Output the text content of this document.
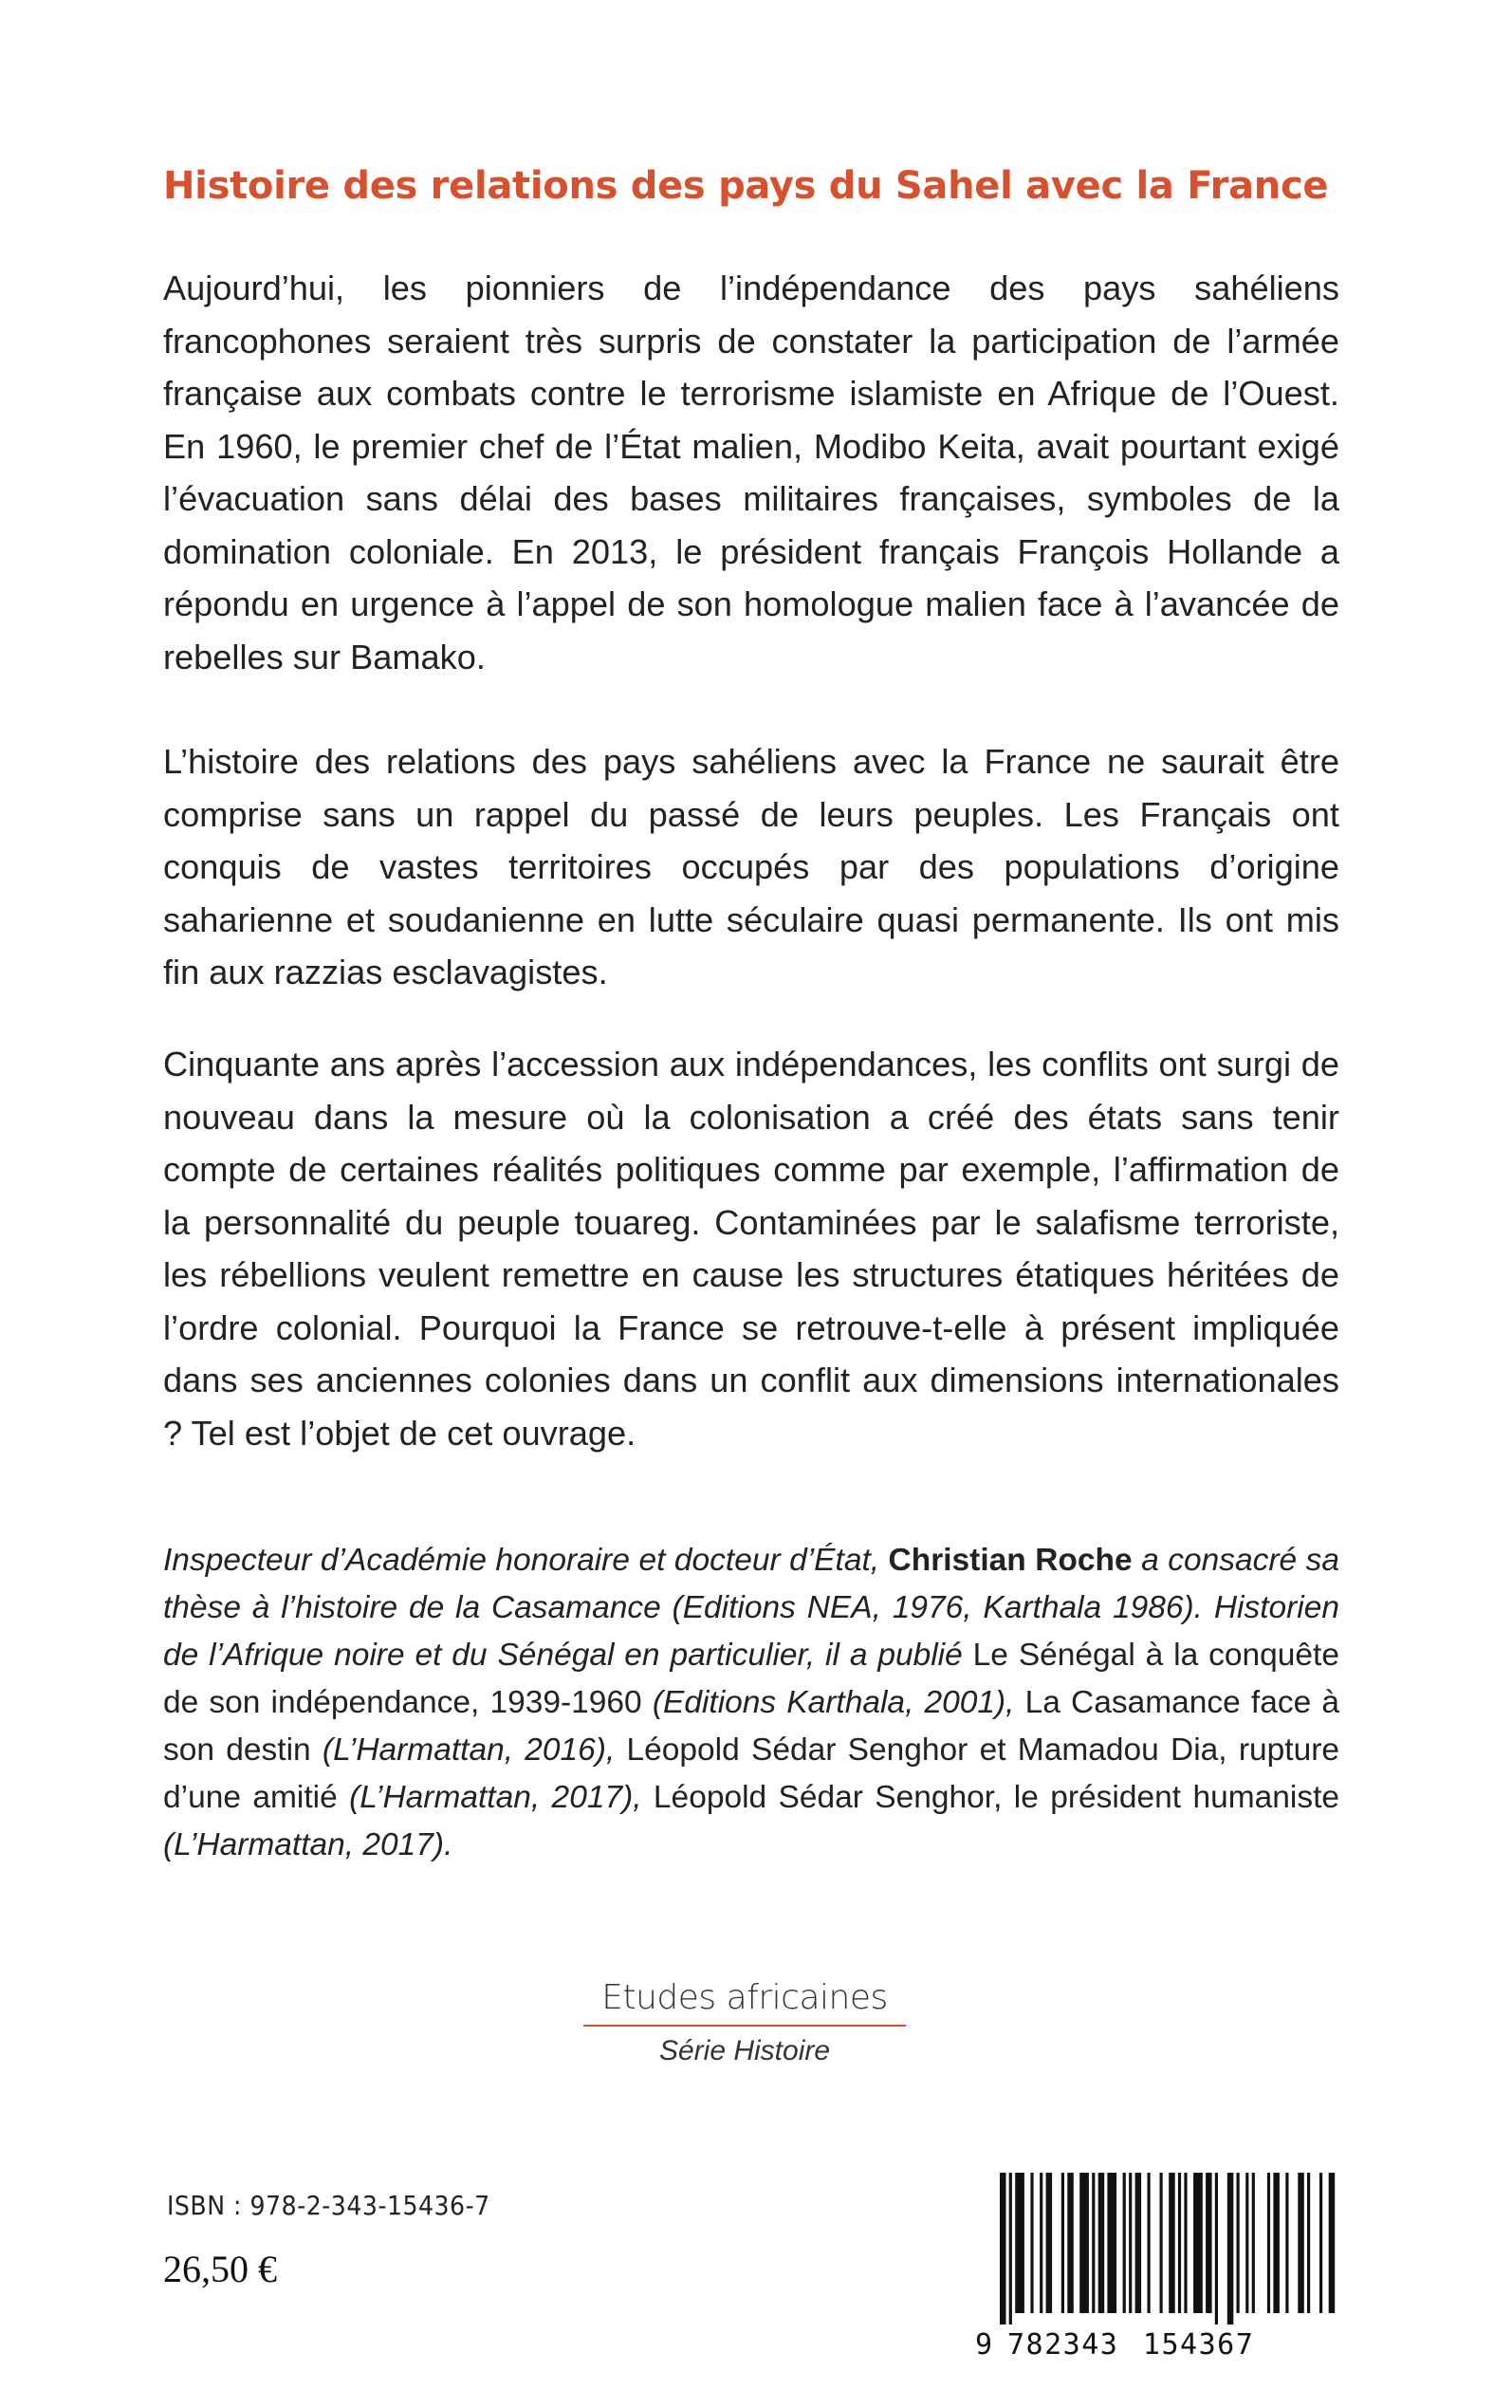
Histoire des relations des pays du Sahel avec la France

Aujourd’hui, les pionniers de l’indépendance des pays sahéliens francophones seraient très surpris de constater la participation de l’armée française aux combats contre le terrorisme islamiste en Afrique de l’Ouest. En 1960, le premier chef de l’État malien, Modibo Keita, avait pourtant exigé l’évacuation sans délai des bases militaires françaises, symboles de la domination coloniale. En 2013, le président français François Hollande a répondu en urgence à l’appel de son homologue malien face à l’avancée de rebelles sur Bamako.

L’histoire des relations des pays sahéliens avec la France ne saurait être comprise sans un rappel du passé de leurs peuples. Les Français ont conquis de vastes territoires occupés par des populations d’origine saharienne et soudanienne en lutte séculaire quasi permanente. Ils ont mis fin aux razzias esclavagistes.

Cinquante ans après l’accession aux indépendances, les conflits ont surgi de nouveau dans la mesure où la colonisation a créé des états sans tenir compte de certaines réalités politiques comme par exemple, l’affirmation de la personnalité du peuple touareg. Contaminées par le salafisme terroriste, les rébellions veulent remettre en cause les structures étatiques héritées de l’ordre colonial. Pourquoi la France se retrouve-t-elle à présent impliquée dans ses anciennes colonies dans un conflit aux dimensions internationales ? Tel est l’objet de cet ouvrage.

Inspecteur d’Académie honoraire et docteur d’État, Christian Roche a consacré sa thèse à l’histoire de la Casamance (Editions NEA, 1976, Karthala 1986). Historien de l’Afrique noire et du Sénégal en particulier, il a publié Le Sénégal à la conquête de son indépendance, 1939-1960 (Editions Karthala, 2001), La Casamance face à son destin (L’Harmattan, 2016), Léopold Sédar Senghor et Mamadou Dia, rupture d’une amitié (L’Harmattan, 2017), Léopold Sédar Senghor, le président humaniste (L’Harmattan, 2017).

Etudes africaines
Série Histoire
ISBN : 978-2-343-15436-7
26,50 €
9 782343 154367
